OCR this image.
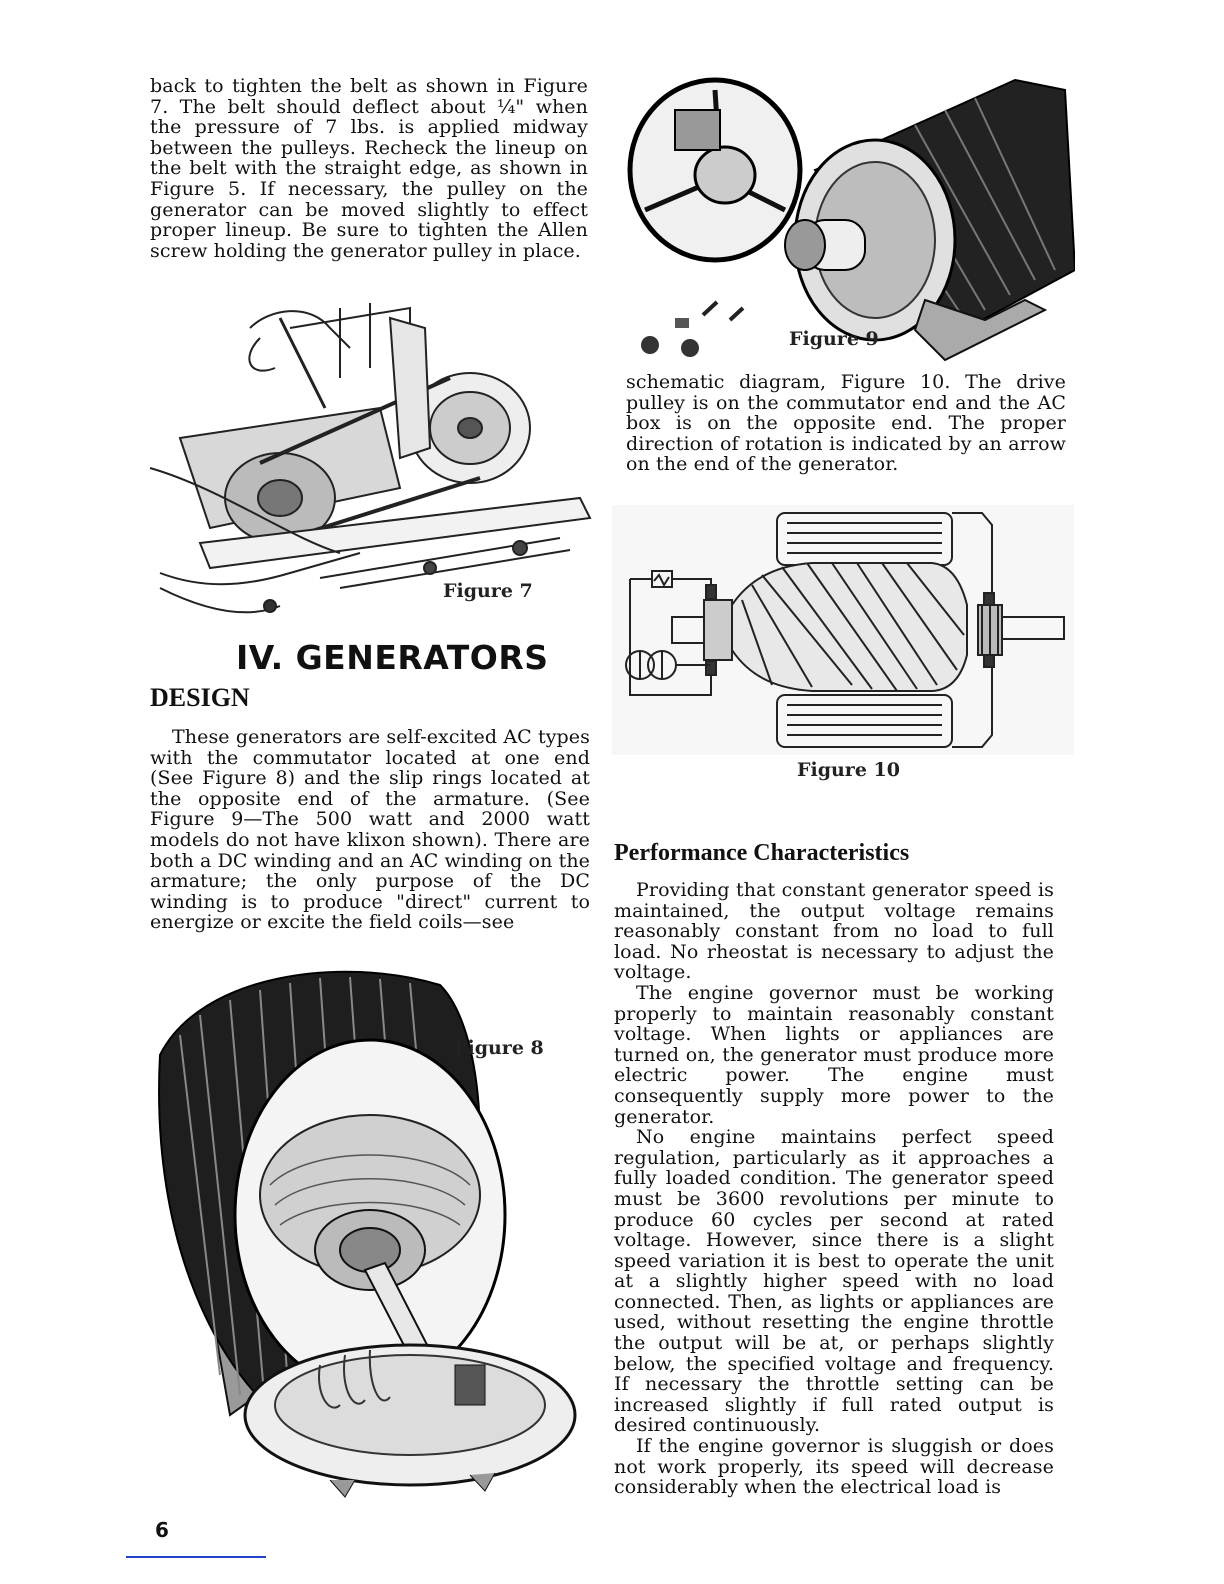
back to tighten the belt as shown in Figure 7. The belt should deflect about ¼" when the pressure of 7 lbs. is applied midway between the pulleys. Recheck the lineup on the belt with the straight edge, as shown in Figure 5. If necessary, the pulley on the generator can be moved slightly to effect proper lineup. Be sure to tighten the Allen screw holding the generator pulley in place.

Figure 7
IV. GENERATORS
DESIGN

These generators are self-excited AC types with the commutator located at one end (See Figure 8) and the slip rings located at the opposite end of the armature. (See Figure 9—The 500 watt and 2000 watt models do not have klixon shown). There are both a DC winding and an AC winding on the armature; the only purpose of the DC winding is to produce "direct" current to energize or excite the field coils—see

Figure 8
6
Figure 9

schematic diagram, Figure 10. The drive pulley is on the commutator end and the AC box is on the opposite end. The proper direction of rotation is indicated by an arrow on the end of the generator.

Figure 10
Performance Characteristics

Providing that constant generator speed is maintained, the output voltage remains reasonably constant from no load to full load. No rheostat is necessary to adjust the voltage.

The engine governor must be working properly to maintain reasonably constant voltage. When lights or appliances are turned on, the generator must produce more electric power. The engine must consequently supply more power to the generator.

No engine maintains perfect speed regulation, particularly as it approaches a fully loaded condition. The generator speed must be 3600 revolutions per minute to produce 60 cycles per second at rated voltage. However, since there is a slight speed variation it is best to operate the unit at a slightly higher speed with no load connected. Then, as lights or appliances are used, without resetting the engine throttle the output will be at, or perhaps slightly below, the specified voltage and frequency. If necessary the throttle setting can be increased slightly if full rated output is desired continuously.

If the engine governor is sluggish or does not work properly, its speed will decrease considerably when the electrical load is
